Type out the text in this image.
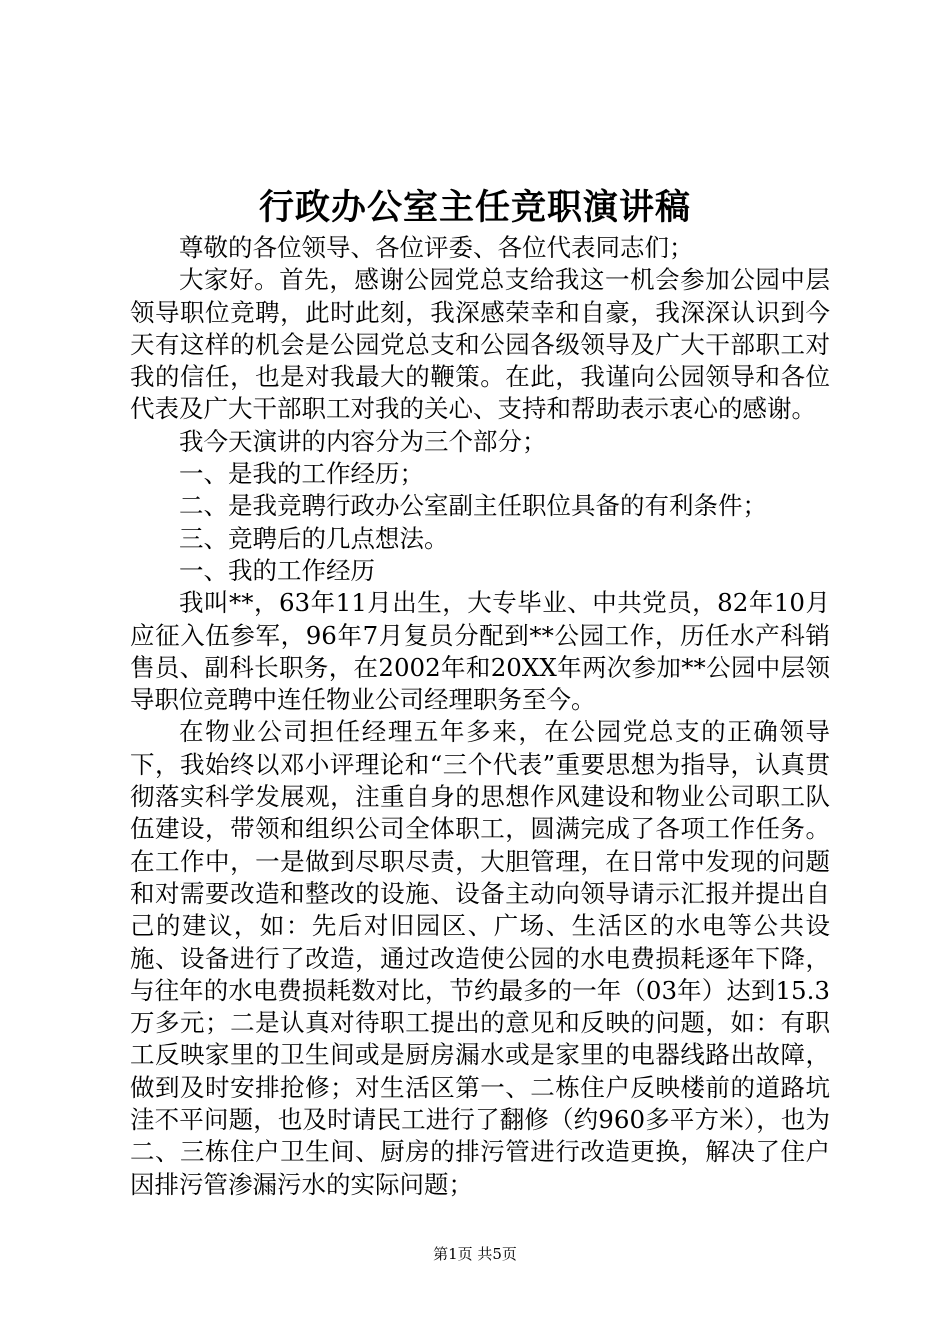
行政办公室主任竞职演讲稿

尊敬的各位领导、各位评委、各位代表同志们；

大家好。首先，感谢公园党总支给我这一机会参加公园中层领导职位竞聘，此时此刻，我深感荣幸和自豪，我深深认识到今天有这样的机会是公园党总支和公园各级领导及广大干部职工对我的信任，也是对我最大的鞭策。在此，我谨向公园领导和各位代表及广大干部职工对我的关心、支持和帮助表示衷心的感谢。

我今天演讲的内容分为三个部分；

一、是我的工作经历；

二、是我竞聘行政办公室副主任职位具备的有利条件；

三、竞聘后的几点想法。

一、我的工作经历

我叫**，63年11月出生，大专毕业、中共党员，82年10月应征入伍参军，96年7月复员分配到**公园工作，历任水产科销售员、副科长职务，在2002年和20XX年两次参加**公园中层领导职位竞聘中连任物业公司经理职务至今。

在物业公司担任经理五年多来，在公园党总支的正确领导下，我始终以邓小评理论和“三个代表”重要思想为指导，认真贯彻落实科学发展观，注重自身的思想作风建设和物业公司职工队伍建设，带领和组织公司全体职工，圆满完成了各项工作任务。在工作中，一是做到尽职尽责，大胆管理，在日常中发现的问题和对需要改造和整改的设施、设备主动向领导请示汇报并提出自己的建议，如：先后对旧园区、广场、生活区的水电等公共设施、设备进行了改造，通过改造使公园的水电费损耗逐年下降，与往年的水电费损耗数对比，节约最多的一年（03年）达到15.3万多元；二是认真对待职工提出的意见和反映的问题，如：有职工反映家里的卫生间或是厨房漏水或是家里的电器线路出故障，做到及时安排抢修；对生活区第一、二栋住户反映楼前的道路坑洼不平问题，也及时请民工进行了翻修（约960多平方米），也为二、三栋住户卫生间、厨房的排污管进行改造更换，解决了住户因排污管渗漏污水的实际问题；

第1页 共5页
